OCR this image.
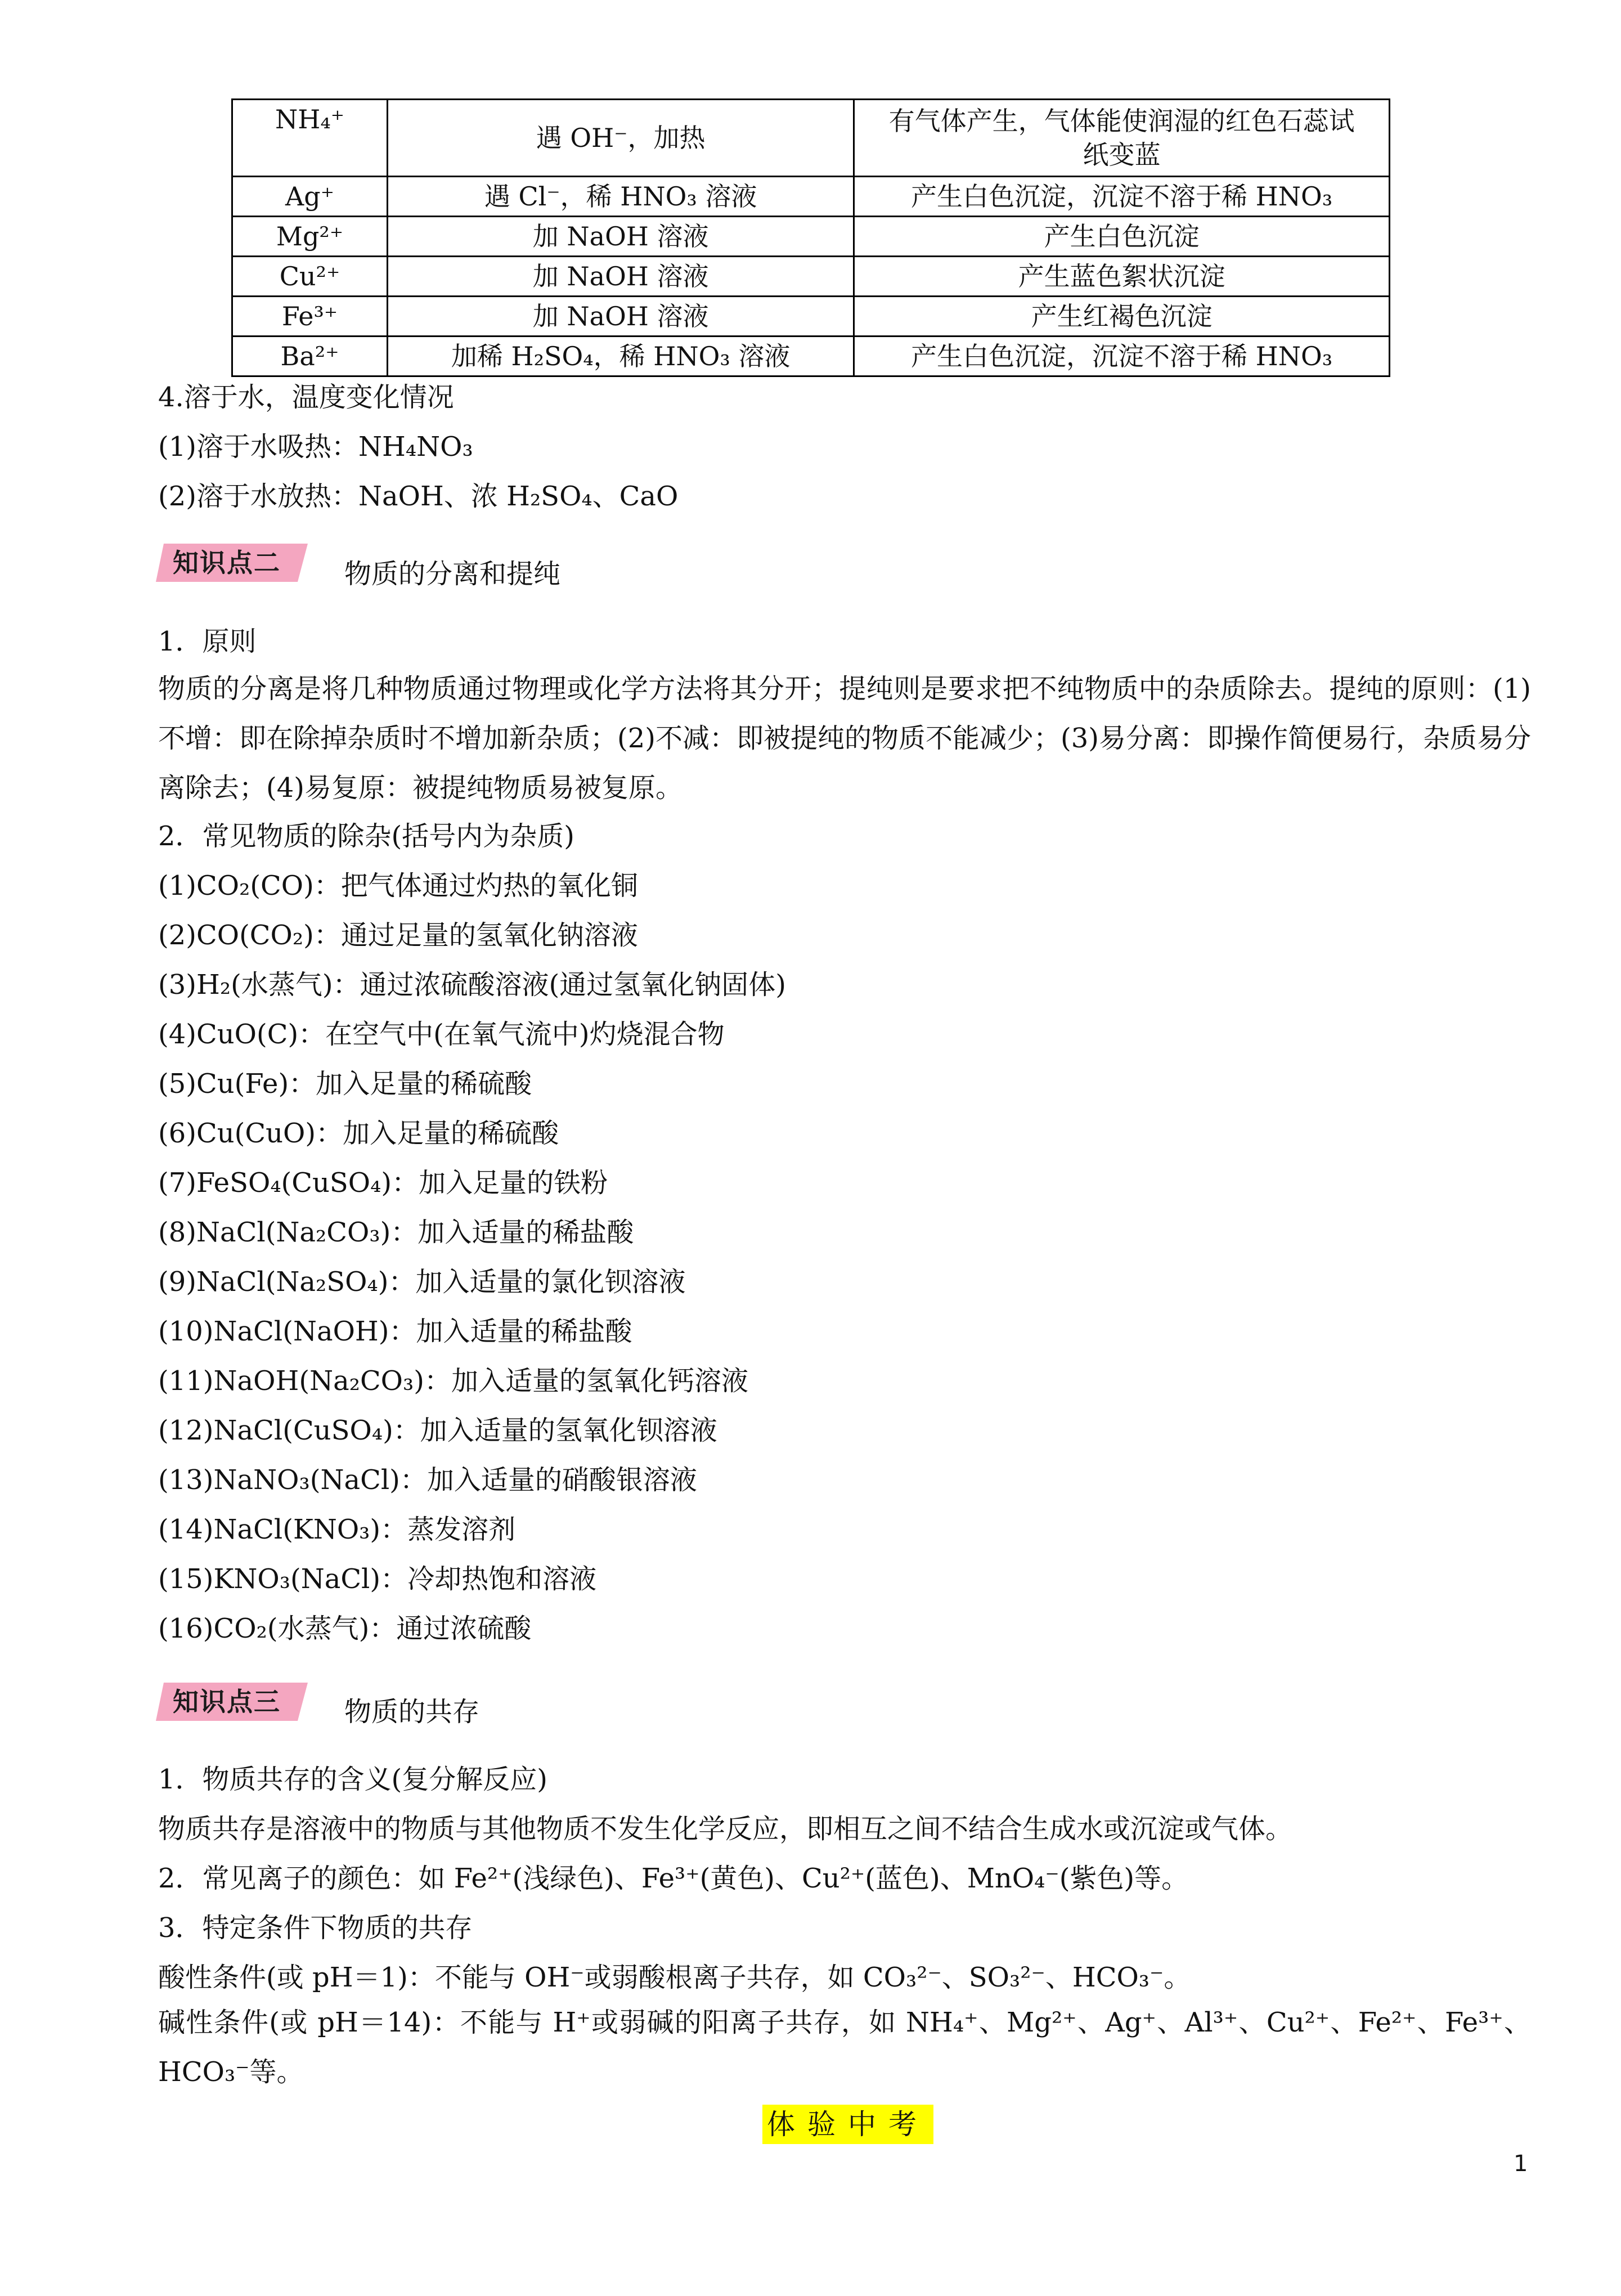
NH₄⁺	遇 OH⁻，加热	有气体产生，气体能使润湿的红色石蕊试纸变蓝
Ag⁺	遇 Cl⁻，稀 HNO₃ 溶液	产生白色沉淀，沉淀不溶于稀 HNO₃
Mg²⁺	加 NaOH 溶液	产生白色沉淀
Cu²⁺	加 NaOH 溶液	产生蓝色絮状沉淀
Fe³⁺	加 NaOH 溶液	产生红褐色沉淀
Ba²⁺	加稀 H₂SO₄，稀 HNO₃ 溶液	产生白色沉淀，沉淀不溶于稀 HNO₃
4.溶于水，温度变化情况
(1)溶于水吸热：NH₄NO₃
(2)溶于水放热：NaOH、浓 H₂SO₄、CaO
知识点二 物质的分离和提纯
1．原则
物质的分离是将几种物质通过物理或化学方法将其分开；提纯则是要求把不纯物质中的杂质除去。提纯的原则：(1)不增：即在除掉杂质时不增加新杂质；(2)不减：即被提纯的物质不能减少；(3)易分离：即操作简便易行，杂质易分离除去；(4)易复原：被提纯物质易被复原。
2．常见物质的除杂(括号内为杂质)
(1)CO₂(CO)：把气体通过灼热的氧化铜
(2)CO(CO₂)：通过足量的氢氧化钠溶液
(3)H₂(水蒸气)：通过浓硫酸溶液(通过氢氧化钠固体)
(4)CuO(C)：在空气中(在氧气流中)灼烧混合物
(5)Cu(Fe)：加入足量的稀硫酸
(6)Cu(CuO)：加入足量的稀硫酸
(7)FeSO₄(CuSO₄)：加入足量的铁粉
(8)NaCl(Na₂CO₃)：加入适量的稀盐酸
(9)NaCl(Na₂SO₄)：加入适量的氯化钡溶液
(10)NaCl(NaOH)：加入适量的稀盐酸
(11)NaOH(Na₂CO₃)：加入适量的氢氧化钙溶液
(12)NaCl(CuSO₄)：加入适量的氢氧化钡溶液
(13)NaNO₃(NaCl)：加入适量的硝酸银溶液
(14)NaCl(KNO₃)：蒸发溶剂
(15)KNO₃(NaCl)：冷却热饱和溶液
(16)CO₂(水蒸气)：通过浓硫酸
知识点三 物质的共存
1．物质共存的含义(复分解反应)
物质共存是溶液中的物质与其他物质不发生化学反应，即相互之间不结合生成水或沉淀或气体。
2．常见离子的颜色：如 Fe²⁺(浅绿色)、Fe³⁺(黄色)、Cu²⁺(蓝色)、MnO₄⁻(紫色)等。
3．特定条件下物质的共存
酸性条件(或 pH＝1)：不能与 OH⁻或弱酸根离子共存，如 CO₃²⁻、SO₃²⁻、HCO₃⁻。
碱性条件(或 pH＝14)：不能与 H⁺或弱碱的阳离子共存，如 NH₄⁺、Mg²⁺、Ag⁺、Al³⁺、Cu²⁺、Fe²⁺、Fe³⁺、HCO₃⁻等。
体验中考
1
